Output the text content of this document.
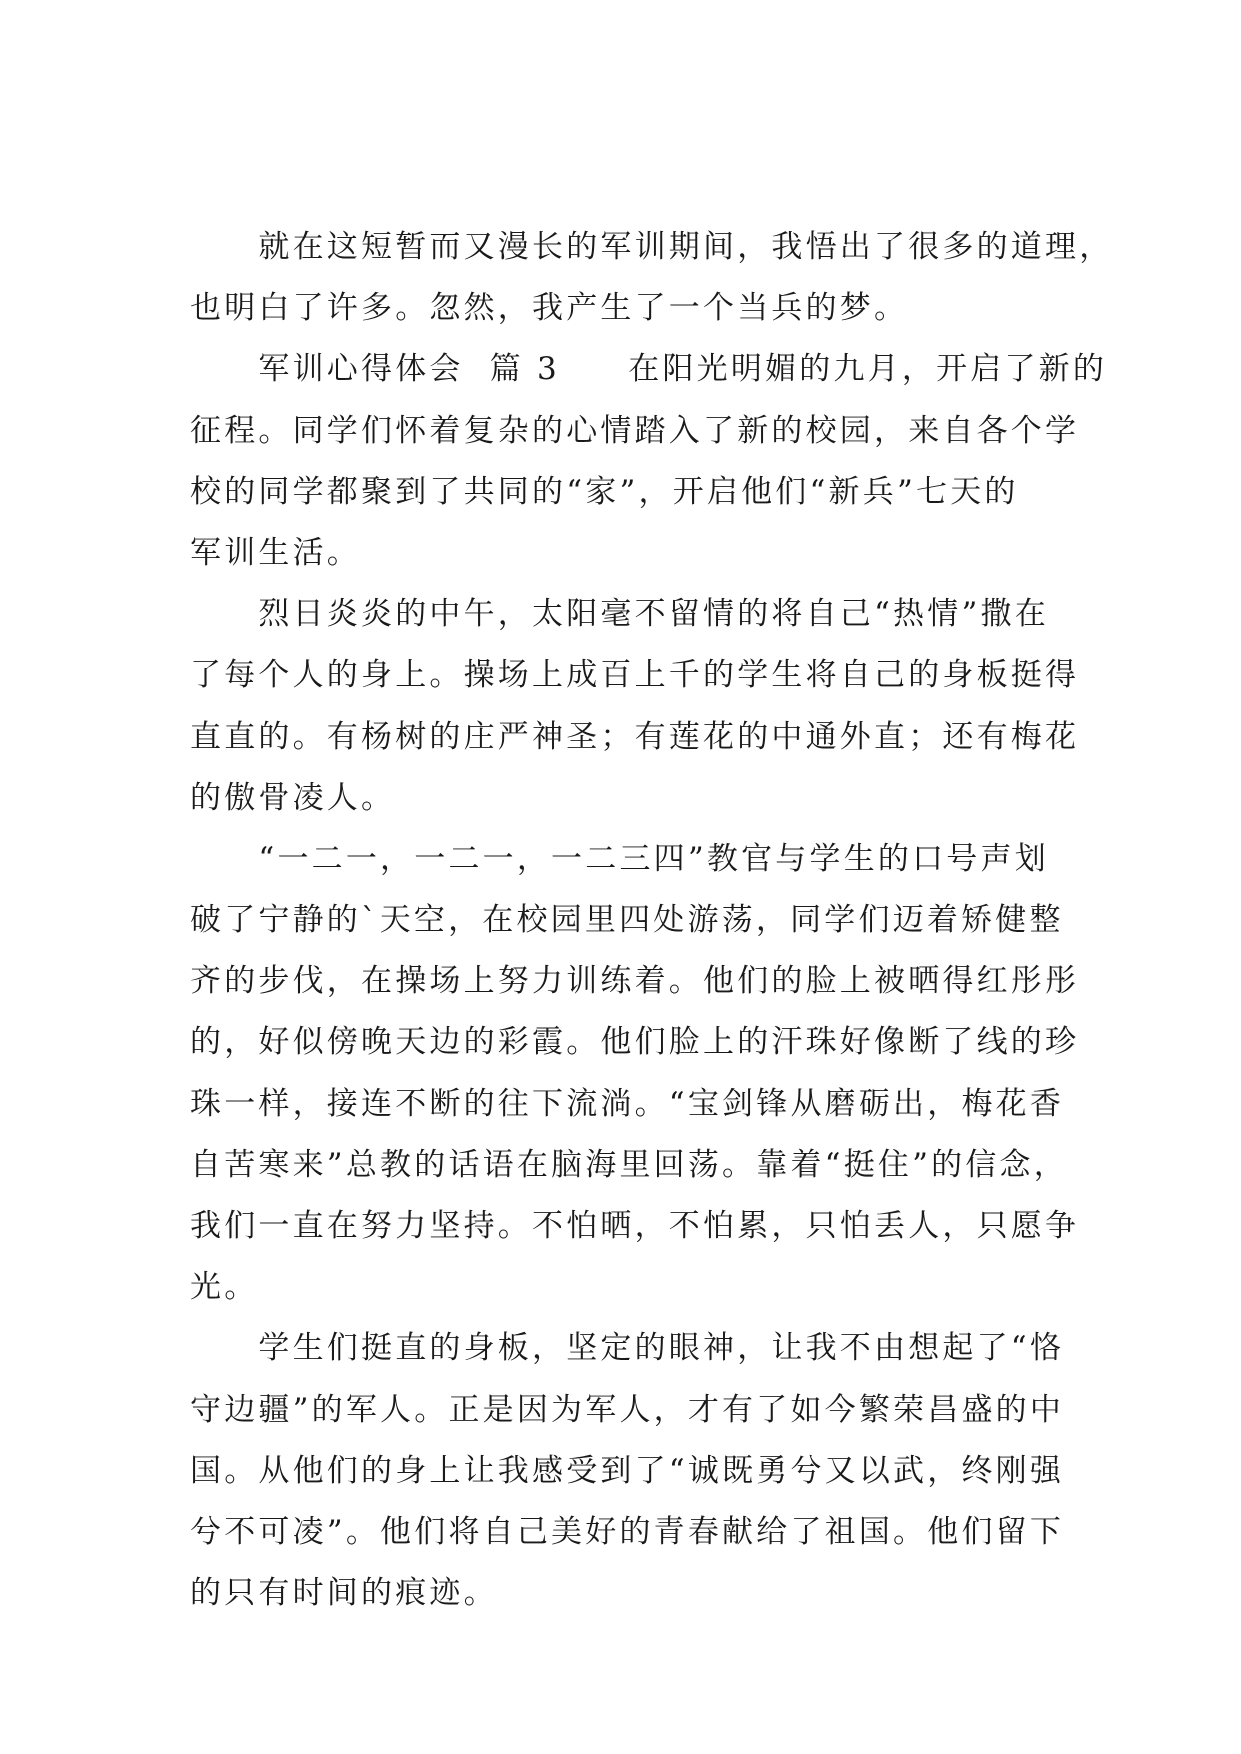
　　就在这短暂而又漫长的军训期间，我悟出了很多的道理，
也明白了许多。忽然，我产生了一个当兵的梦。
　　军训心得体会  篇 3　　在阳光明媚的九月，开启了新的
征程。同学们怀着复杂的心情踏入了新的校园，来自各个学
校的同学都聚到了共同的“家”，开启他们“新兵”七天的
军训生活。
　　烈日炎炎的中午，太阳毫不留情的将自己“热情”撒在
了每个人的身上。操场上成百上千的学生将自己的身板挺得
直直的。有杨树的庄严神圣；有莲花的中通外直；还有梅花
的傲骨凌人。
　　“一二一，一二一，一二三四”教官与学生的口号声划
破了宁静的`天空，在校园里四处游荡，同学们迈着矫健整
齐的步伐，在操场上努力训练着。他们的脸上被晒得红彤彤
的，好似傍晚天边的彩霞。他们脸上的汗珠好像断了线的珍
珠一样，接连不断的往下流淌。“宝剑锋从磨砺出，梅花香
自苦寒来”总教的话语在脑海里回荡。靠着“挺住”的信念，
我们一直在努力坚持。不怕晒，不怕累，只怕丢人，只愿争
光。
　　学生们挺直的身板，坚定的眼神，让我不由想起了“恪
守边疆”的军人。正是因为军人，才有了如今繁荣昌盛的中
国。从他们的身上让我感受到了“诚既勇兮又以武，终刚强
兮不可凌”。他们将自己美好的青春献给了祖国。他们留下
的只有时间的痕迹。
